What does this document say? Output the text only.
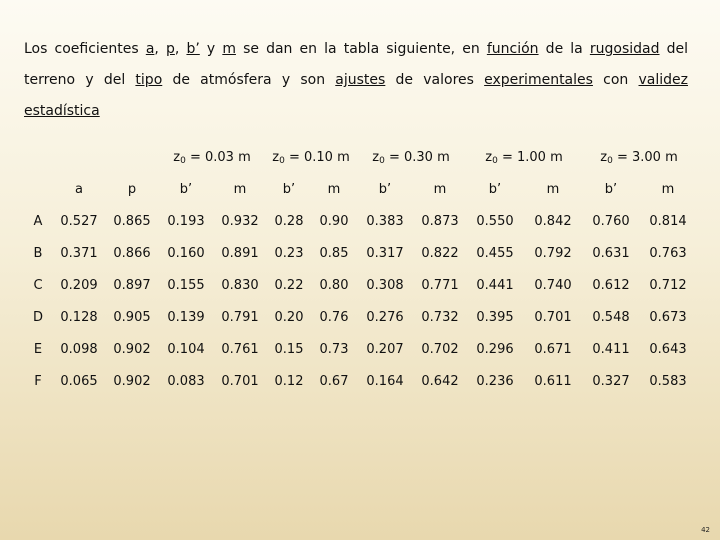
Los coeficientes a, p, b’ y m se dan en la tabla siguiente, en función de la rugosidad del terreno y del tipo de atmósfera y son ajustes de valores experimentales con validez estadística
			z0 = 0.03 m		z0 = 0.10 m		z0 = 0.30 m		z0 = 1.00 m		z0 = 3.00 m	
	a	p	b’	m	b’	m	b’	m	b’	m	b’	m
A	0.527	0.865	0.193	0.932	0.28	0.90	0.383	0.873	0.550	0.842	0.760	0.814
B	0.371	0.866	0.160	0.891	0.23	0.85	0.317	0.822	0.455	0.792	0.631	0.763
C	0.209	0.897	0.155	0.830	0.22	0.80	0.308	0.771	0.441	0.740	0.612	0.712
D	0.128	0.905	0.139	0.791	0.20	0.76	0.276	0.732	0.395	0.701	0.548	0.673
E	0.098	0.902	0.104	0.761	0.15	0.73	0.207	0.702	0.296	0.671	0.411	0.643
F	0.065	0.902	0.083	0.701	0.12	0.67	0.164	0.642	0.236	0.611	0.327	0.583
42
